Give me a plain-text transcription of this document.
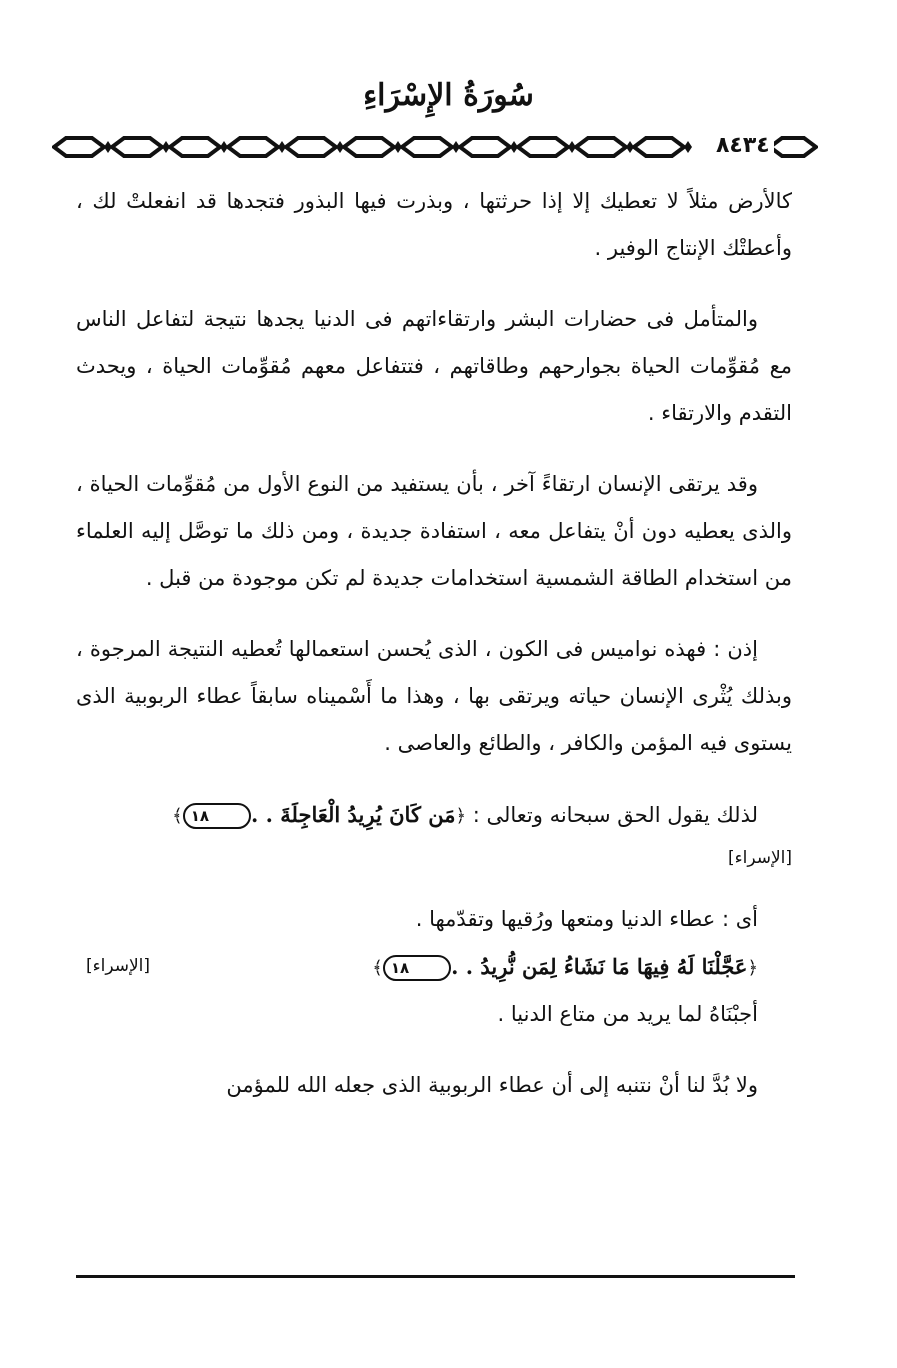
سُورَةُ الإِسْرَاءِ
٨٤٣٤

كالأرض مثلاً لا تعطيك إلا إذا حرثتها ، وبذرت فيها البذور فتجدها قد انفعلتْ لك ، وأعطتْك الإنتاج الوفير .

والمتأمل فى حضارات البشر وارتقاءاتهم فى الدنيا يجدها نتيجة لتفاعل الناس مع مُقوِّمات الحياة بجوارحهم وطاقاتهم ، فتتفاعل معهم مُقوِّمات الحياة ، ويحدث التقدم والارتقاء .

وقد يرتقى الإنسان ارتقاءً آخر ، بأن يستفيد من النوع الأول من مُقوِّمات الحياة ، والذى يعطيه دون أنْ يتفاعل معه ، استفادة جديدة ، ومن ذلك ما توصَّل إليه العلماء من استخدام الطاقة الشمسية استخدامات جديدة لم تكن موجودة من قبل .

إذن : فهذه نواميس فى الكون ، الذى يُحسن استعمالها تُعطيه النتيجة المرجوة ، وبذلك يُثْرى الإنسان حياته ويرتقى بها ، وهذا ما أَسْميناه سابقاً عطاء الربوبية الذى يستوى فيه المؤمن والكافر ، والطائع والعاصى .

لذلك يقول الحق سبحانه وتعالى : ﴿مَن كَانَ يُرِيدُ الْعَاجِلَةَ . .١٨﴾

[الإسراء]

أى : عطاء الدنيا ومتعها ورُقيها وتقدّمها .

﴿عَجَّلْنَا لَهُ فِيهَا مَا نَشَاءُ لِمَن نُّرِيدُ . .١٨﴾
[الإسراء]

أجبْنَاهُ لما يريد من متاع الدنيا .

ولا بُدَّ لنا أنْ نتنبه إلى أن عطاء الربوبية الذى جعله الله للمؤمن
